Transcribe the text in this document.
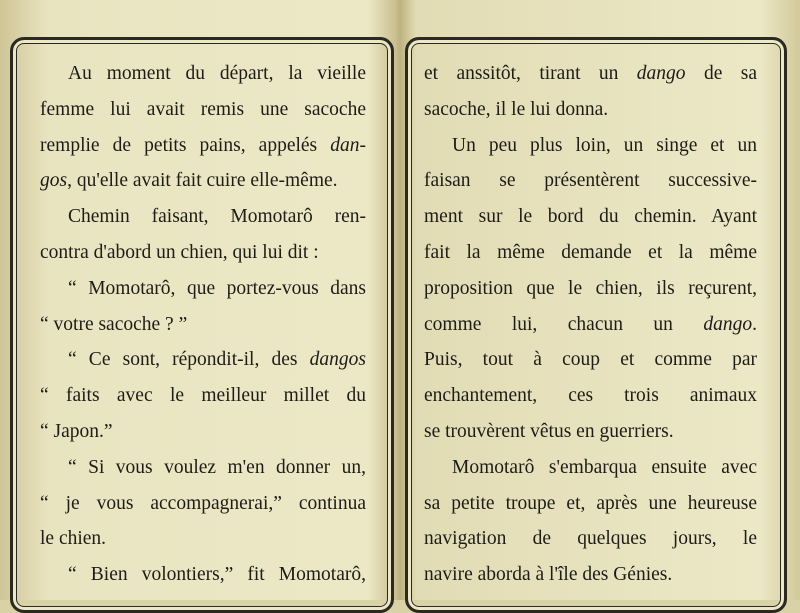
Au moment du départ, la vieille
femme lui avait remis une sacoche
remplie de petits pains, appelés dan-
gos, qu'elle avait fait cuire elle-même.
Chemin faisant, Momotarô ren-
contra d'abord un chien, qui lui dit :
“ Momotarô, que portez-vous dans
“ votre sacoche ? ”
“ Ce sont, répondit-il, des dangos
“ faits avec le meilleur millet du
“ Japon.”
“ Si vous voulez m'en donner un,
“ je vous accompagnerai,” continua
le chien.
“ Bien volontiers,” fit Momotarô,
et anssitôt, tirant un dango de sa
sacoche, il le lui donna.
Un peu plus loin, un singe et un
faisan se présentèrent successive-
ment sur le bord du chemin. Ayant
fait la même demande et la même
proposition que le chien, ils reçurent,
comme lui, chacun un dango.
Puis, tout à coup et comme par
enchantement, ces trois animaux
se trouvèrent vêtus en guerriers.
Momotarô s'embarqua ensuite avec
sa petite troupe et, après une heureuse
navigation de quelques jours, le
navire aborda à l'île des Génies.
